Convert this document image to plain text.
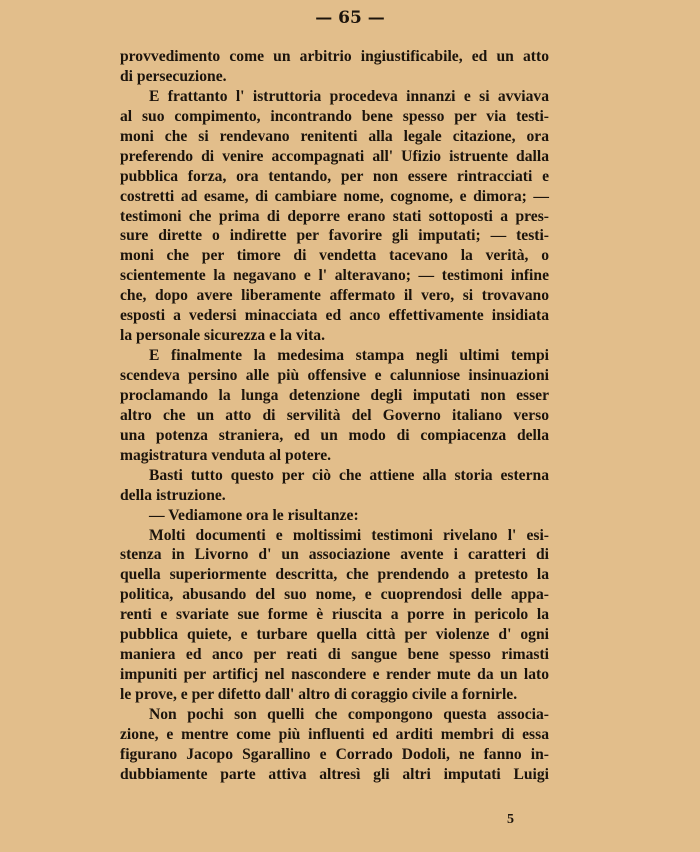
— 65 —
provvedimento come un arbitrio ingiustificabile, ed un atto
di persecuzione.
E frattanto l' istruttoria procedeva innanzi e si avviava
al suo compimento, incontrando bene spesso per via testi-
moni che si rendevano renitenti alla legale citazione, ora
preferendo di venire accompagnati all' Ufizio istruente dalla
pubblica forza, ora tentando, per non essere rintracciati e
costretti ad esame, di cambiare nome, cognome, e dimora; —
testimoni che prima di deporre erano stati sottoposti a pres-
sure dirette o indirette per favorire gli imputati; — testi-
moni che per timore di vendetta tacevano la verità, o
scientemente la negavano e l' alteravano; — testimoni infine
che, dopo avere liberamente affermato il vero, si trovavano
esposti a vedersi minacciata ed anco effettivamente insidiata
la personale sicurezza e la vita.
E finalmente la medesima stampa negli ultimi tempi
scendeva persino alle più offensive e calunniose insinuazioni
proclamando la lunga detenzione degli imputati non esser
altro che un atto di servilità del Governo italiano verso
una potenza straniera, ed un modo di compiacenza della
magistratura venduta al potere.
Basti tutto questo per ciò che attiene alla storia esterna
della istruzione.
— Vediamone ora le risultanze:
Molti documenti e moltissimi testimoni rivelano l' esi-
stenza in Livorno d' un associazione avente i caratteri di
quella superiormente descritta, che prendendo a pretesto la
politica, abusando del suo nome, e cuoprendosi delle appa-
renti e svariate sue forme è riuscita a porre in pericolo la
pubblica quiete, e turbare quella città per violenze d' ogni
maniera ed anco per reati di sangue bene spesso rimasti
impuniti per artificj nel nascondere e render mute da un lato
le prove, e per difetto dall' altro di coraggio civile a fornirle.
Non pochi son quelli che compongono questa associa-
zione, e mentre come più influenti ed arditi membri di essa
figurano Jacopo Sgarallino e Corrado Dodoli, ne fanno in-
dubbiamente parte attiva altresì gli altri imputati Luigi
5
